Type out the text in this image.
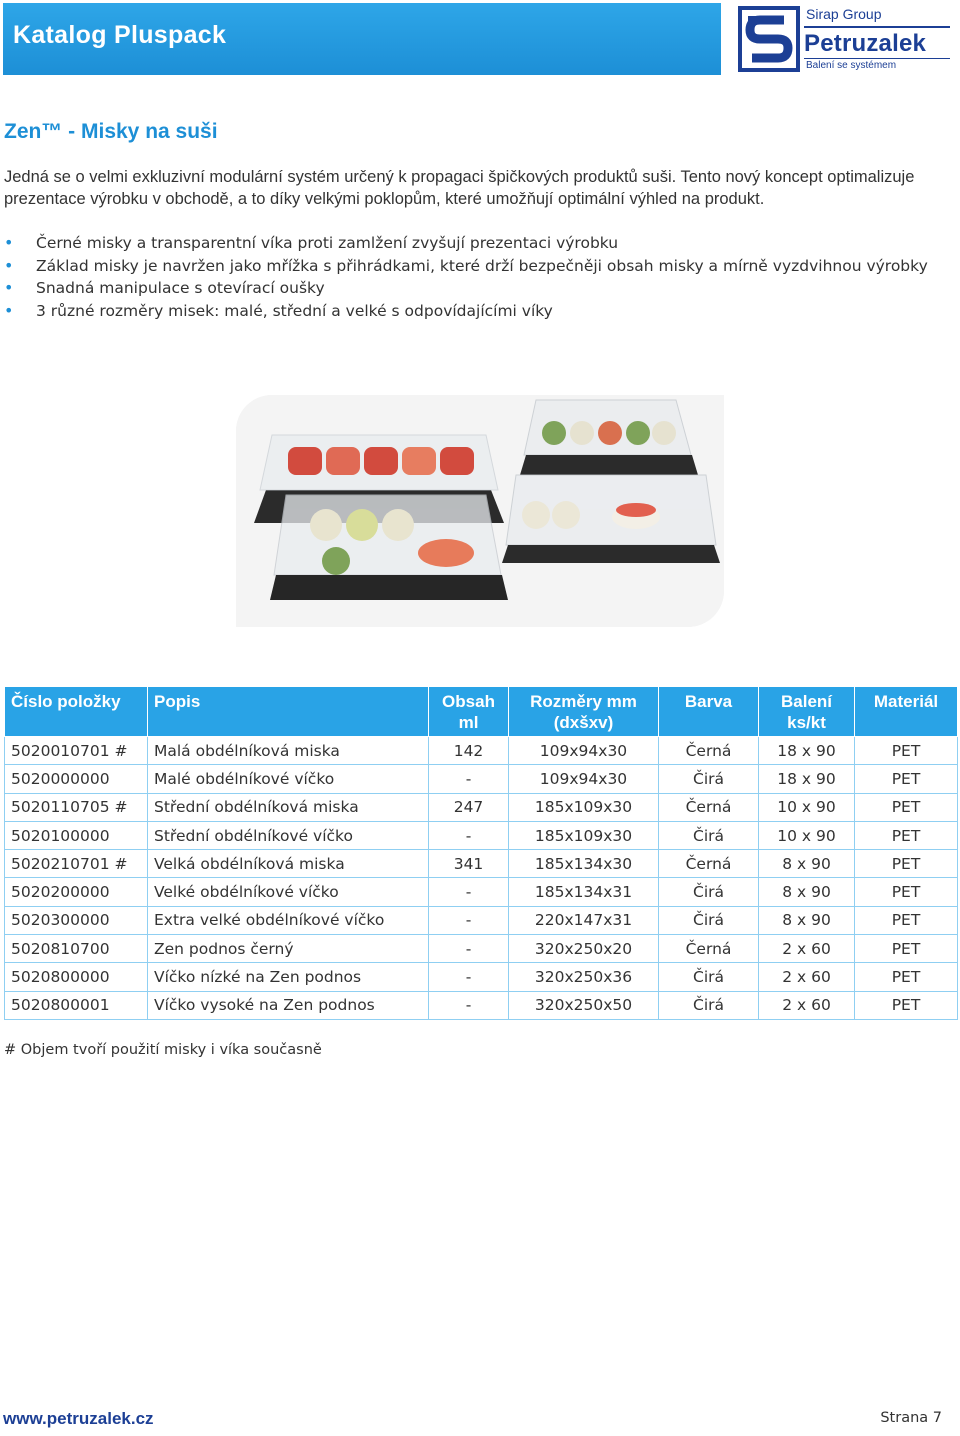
Katalog Pluspack
Sirap Group
Petruzalek
Balení se systémem
Zen™ - Misky na suši
Jedná se o velmi exkluzivní modulární systém určený k propagaci špičkových produktů suši. Tento nový koncept optimalizuje prezentace výrobku v obchodě, a to díky velkými poklopům, které umožňují optimální výhled na produkt.
• Černé misky a transparentní víka proti zamlžení zvyšují prezentaci výrobku
• Základ misky je navržen jako mřížka s přihrádkami, které drží bezpečněji obsah misky a mírně vyzdvihnou výrobky
• Snadná manipulace s otevírací oušky
• 3 různé rozměry misek: malé, střední a velké s odpovídajícími víky
Číslo položky	Popis	Obsah ml	Rozměry mm (dxšxv)	Barva	Balení ks/kt	Materiál
5020010701 #	Malá obdélníková miska	142	109x94x30	Černá	18 x 90	PET
5020000000	Malé obdélníkové víčko	-	109x94x30	Čirá	18 x 90	PET
5020110705 #	Střední obdélníková miska	247	185x109x30	Černá	10 x 90	PET
5020100000	Střední obdélníkové víčko	-	185x109x30	Čirá	10 x 90	PET
5020210701 #	Velká obdélníková miska	341	185x134x30	Černá	8 x 90	PET
5020200000	Velké obdélníkové víčko	-	185x134x31	Čirá	8 x 90	PET
5020300000	Extra velké obdélníkové víčko	-	220x147x31	Čirá	8 x 90	PET
5020810700	Zen podnos černý	-	320x250x20	Černá	2 x 60	PET
5020800000	Víčko nízké na Zen podnos	-	320x250x36	Čirá	2 x 60	PET
5020800001	Víčko vysoké na Zen podnos	-	320x250x50	Čirá	2 x 60	PET
# Objem tvoří použití misky i víka současně
www.petruzalek.cz	Strana 7
